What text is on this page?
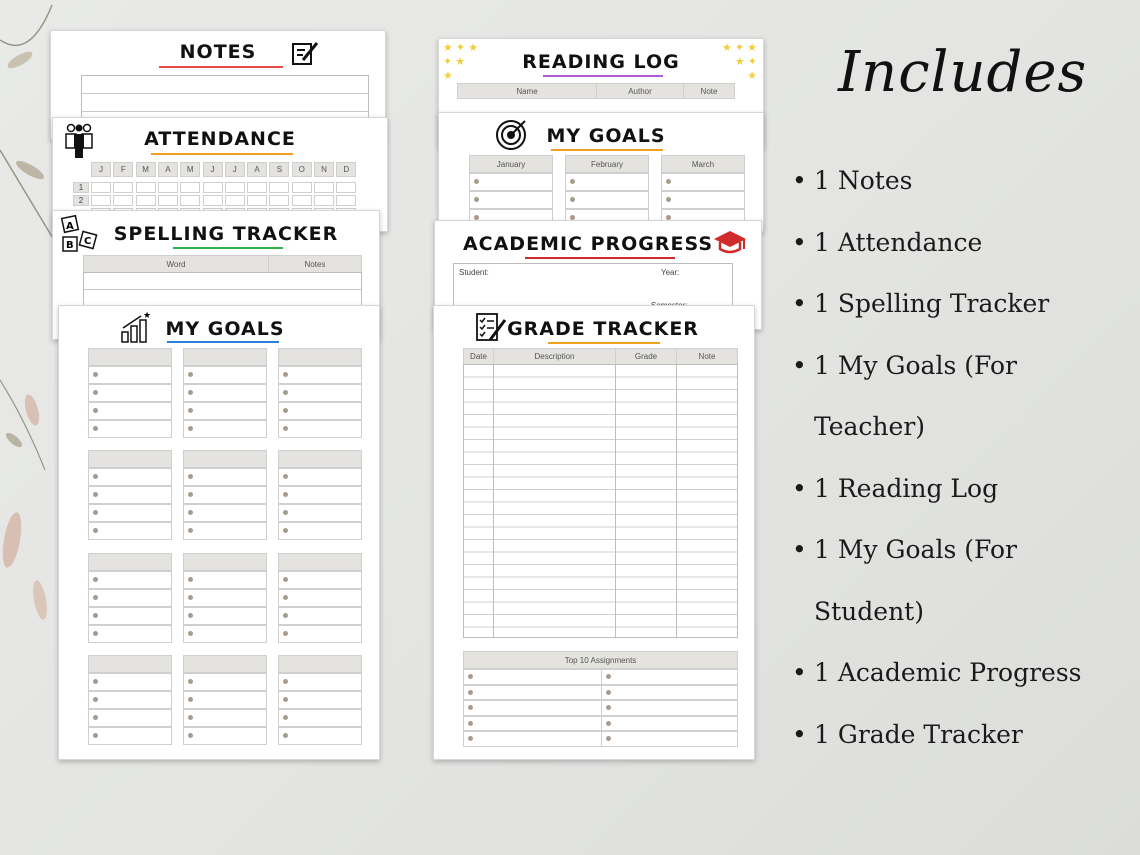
NOTES
ATTENDANCE
J	F	M	A	M	J	J	A	S	O	N	D
1
2
A
B C	SPELLING TRACKER
Word	Notes
★
MY GOALS
★ ✦ ★
✦ ★
★
★ ✦ ★
★ ✦
★
READING LOG
Name	Author	Note
MY GOALS
January	February	March
ACADEMIC PROGRESS
Student:	Year:
GRADE TRACKER
Date	Description	Grade	Note
Top 10 Assignments
Includes
• 1 Notes
• 1 Attendance
• 1 Spelling Tracker
• 1 My Goals (For
Teacher)
• 1 Reading Log
• 1 My Goals (For
Student)
• 1 Academic Progress
• 1 Grade Tracker
